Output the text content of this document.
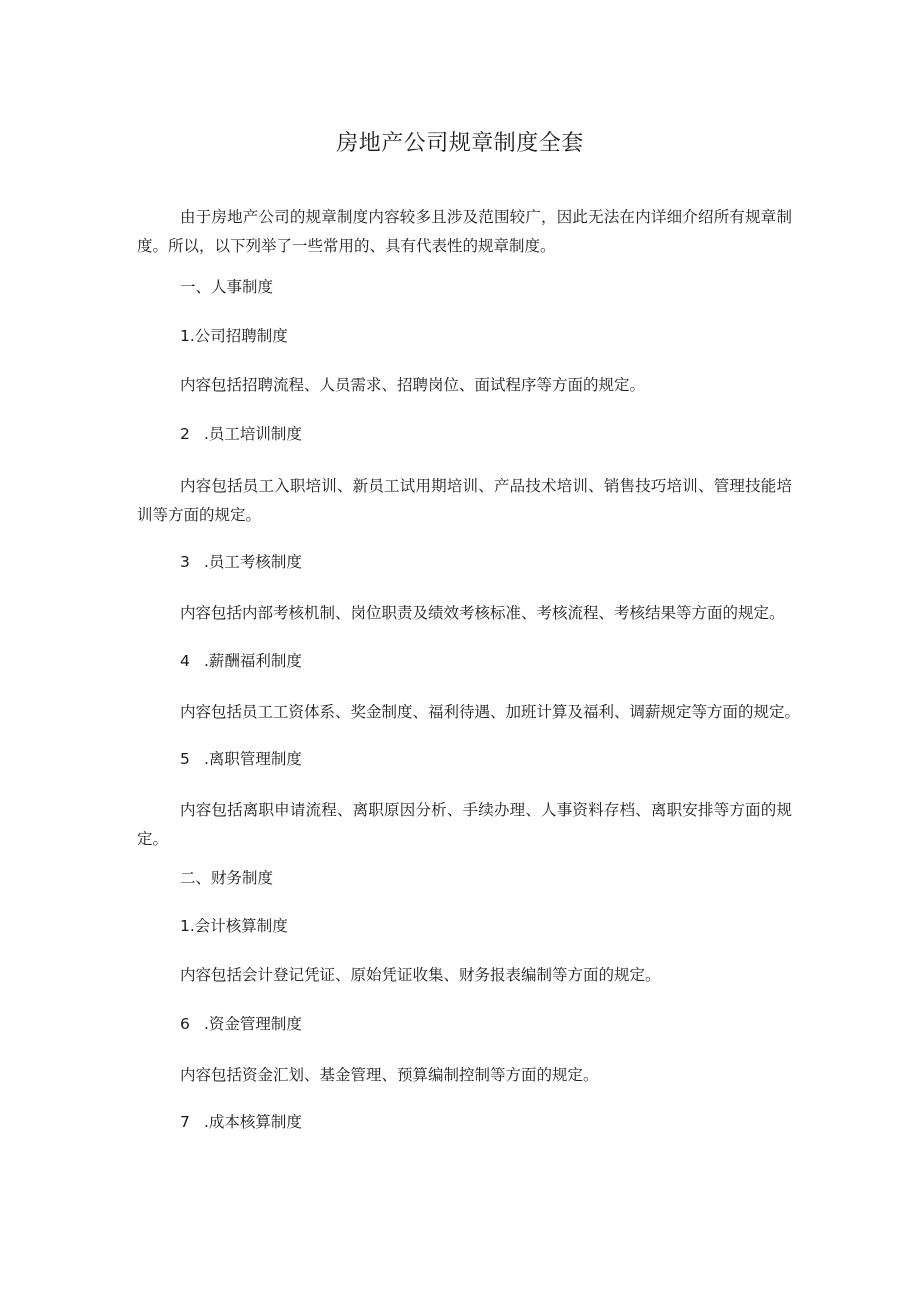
房地产公司规章制度全套
由于房地产公司的规章制度内容较多且涉及范围较广，因此无法在内详细介绍所有规章制度。所以，以下列举了一些常用的、具有代表性的规章制度。
一、人事制度
1.公司招聘制度
内容包括招聘流程、人员需求、招聘岗位、面试程序等方面的规定。
2 .员工培训制度
内容包括员工入职培训、新员工试用期培训、产品技术培训、销售技巧培训、管理技能培训等方面的规定。
3 .员工考核制度
内容包括内部考核机制、岗位职责及绩效考核标准、考核流程、考核结果等方面的规定。
4 .薪酬福利制度
内容包括员工工资体系、奖金制度、福利待遇、加班计算及福利、调薪规定等方面的规定。
5 .离职管理制度
内容包括离职申请流程、离职原因分析、手续办理、人事资料存档、离职安排等方面的规定。
二、财务制度
1.会计核算制度
内容包括会计登记凭证、原始凭证收集、财务报表编制等方面的规定。
6 .资金管理制度
内容包括资金汇划、基金管理、预算编制控制等方面的规定。
7 .成本核算制度
